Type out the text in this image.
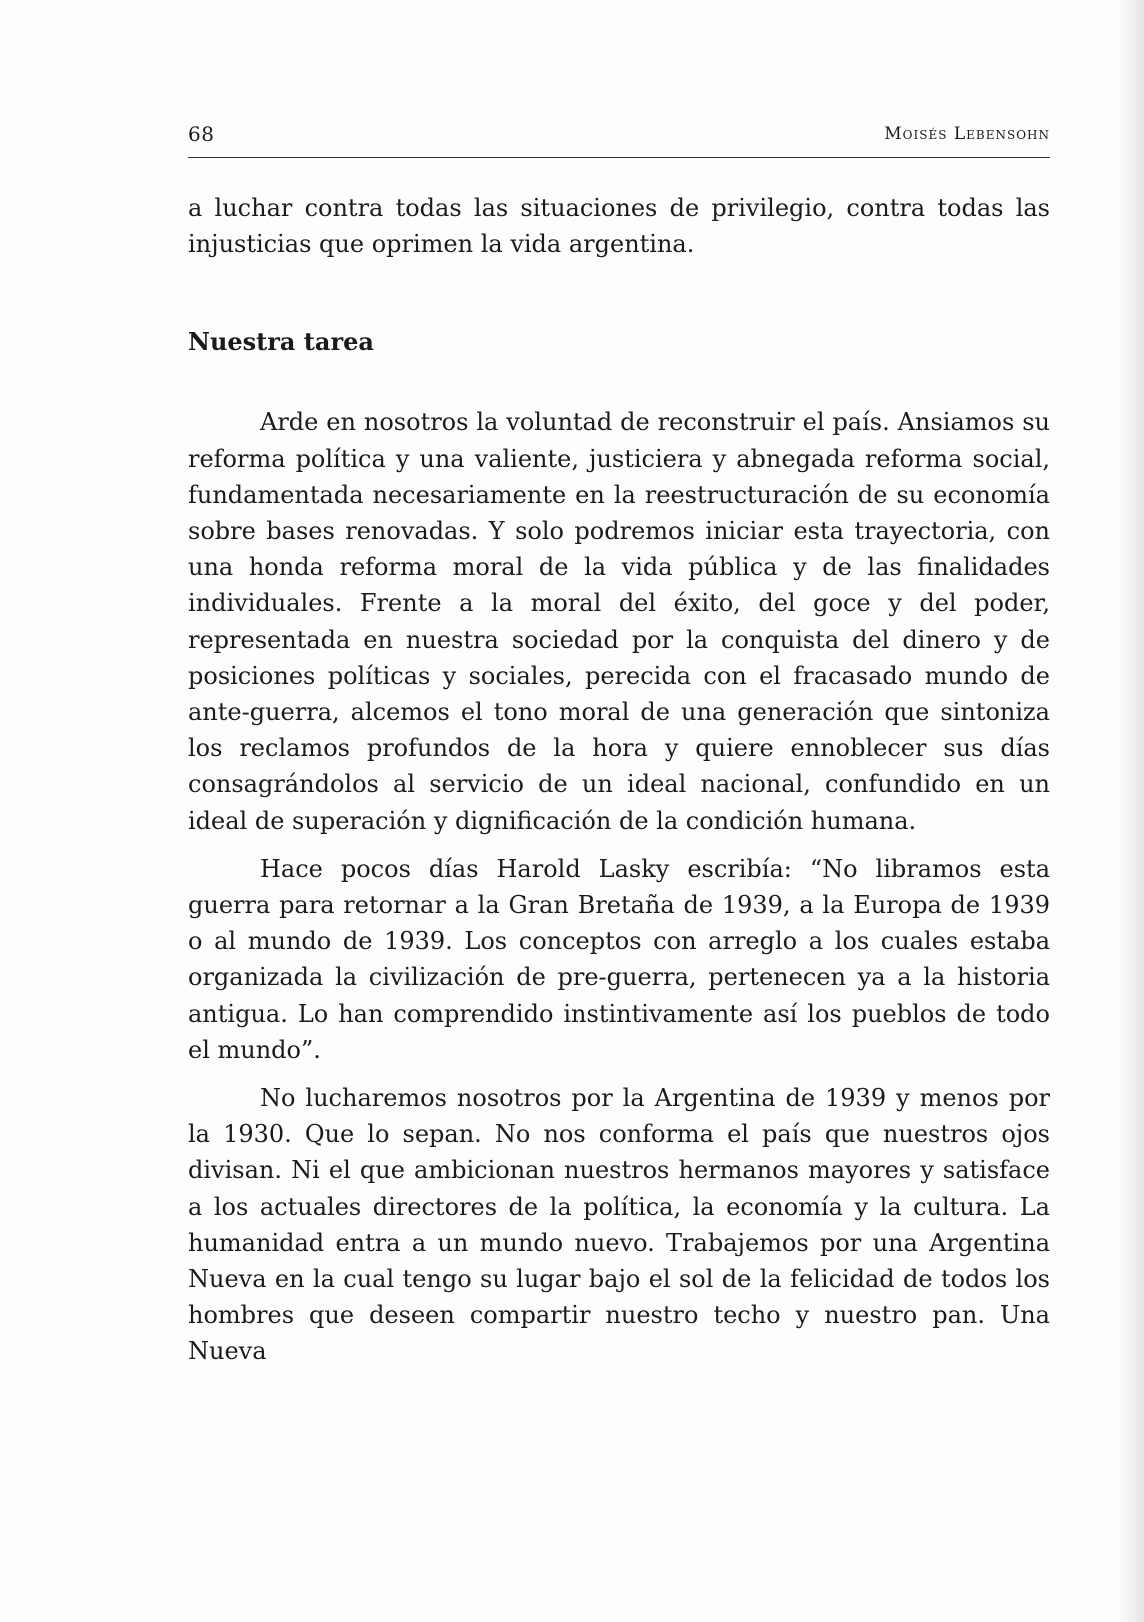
68	Moisés Lebensohn

a luchar contra todas las situaciones de privilegio, contra todas las injusticias que oprimen la vida argentina.

Nuestra tarea

Arde en nosotros la voluntad de reconstruir el país. Ansiamos su reforma política y una valiente, justiciera y abnegada reforma social, fundamentada necesariamente en la reestructuración de su economía sobre bases renovadas. Y solo podremos iniciar esta trayectoria, con una honda reforma moral de la vida pública y de las finalidades individuales. Frente a la moral del éxito, del goce y del poder, representada en nuestra sociedad por la conquista del dinero y de posiciones políticas y sociales, perecida con el fracasado mundo de ante-guerra, alcemos el tono moral de una generación que sintoniza los reclamos profundos de la hora y quiere ennoblecer sus días consagrándolos al servicio de un ideal nacional, confundido en un ideal de superación y dignificación de la condición humana.

Hace pocos días Harold Lasky escribía: “No libramos esta guerra para retornar a la Gran Bretaña de 1939, a la Europa de 1939 o al mundo de 1939. Los conceptos con arreglo a los cuales estaba organizada la civilización de pre-guerra, pertenecen ya a la historia antigua. Lo han comprendido instintivamente así los pueblos de todo el mundo”.

No lucharemos nosotros por la Argentina de 1939 y menos por la 1930. Que lo sepan. No nos conforma el país que nuestros ojos divisan. Ni el que ambicionan nuestros hermanos mayores y satisface a los actuales directores de la política, la economía y la cultura. La humanidad entra a un mundo nuevo. Trabajemos por una Argentina Nueva en la cual tengo su lugar bajo el sol de la felicidad de todos los hombres que deseen compartir nuestro techo y nuestro pan. Una Nueva
